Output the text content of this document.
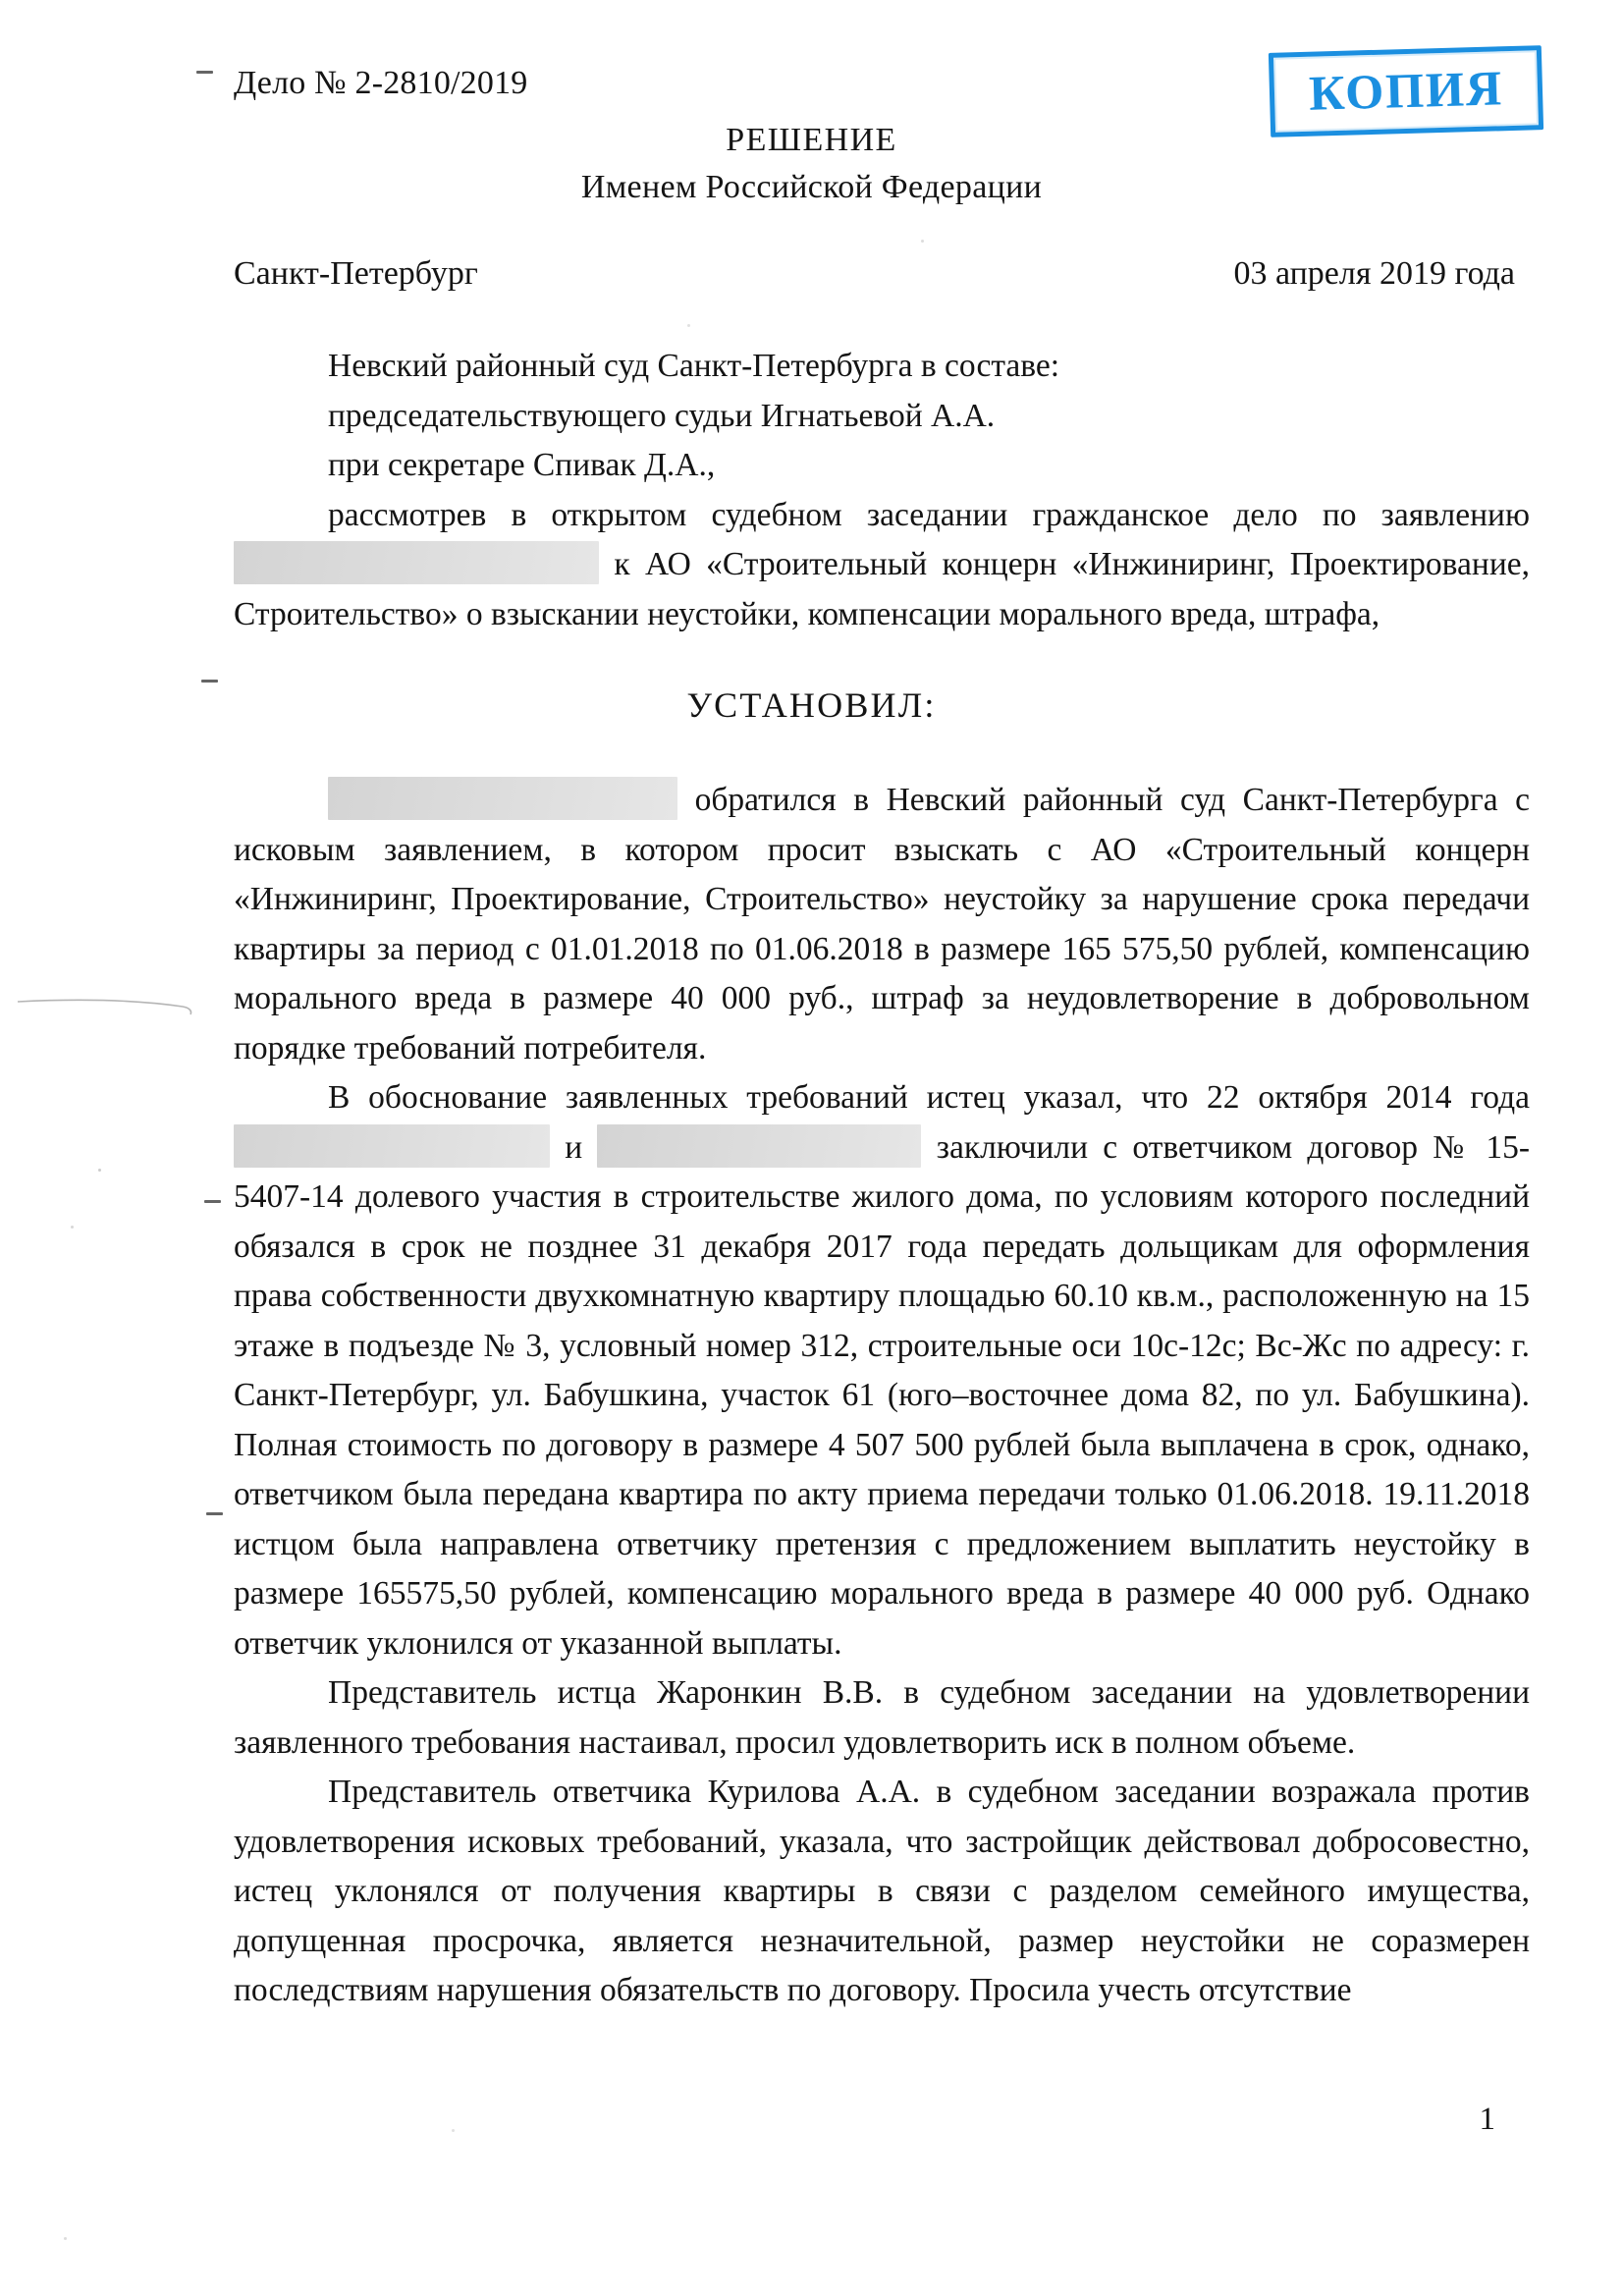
КОПИЯ
Дело № 2-2810/2019
РЕШЕНИЕ
Именем Российской Федерации
Санкт-Петербург	03 апреля 2019 года

Невский районный суд Санкт-Петербурга в составе:

председательствующего судьи Игнатьевой А.А.

при секретаре Спивак Д.А.,

рассмотрев в открытом судебном заседании гражданское дело по заявлению  к АО «Строительный концерн «Инжиниринг, Проектирование, Строительство» о взыскании неустойки, компенсации морального вреда, штрафа,

УСТАНОВИЛ:

обратился в Невский районный суд Санкт-Петербурга с исковым заявлением, в котором просит взыскать с АО «Строительный концерн «Инжиниринг, Проектирование, Строительство» неустойку за нарушение срока передачи квартиры за период с 01.01.2018 по 01.06.2018 в размере 165 575,50 рублей, компенсацию морального вреда в размере 40 000 руб., штраф за неудовлетворение в добровольном порядке требований потребителя.

В обоснование заявленных требований истец указал, что 22 октября 2014 года  и	заключили с ответчиком договор № 15-5407-14 долевого участия в строительстве жилого дома, по условиям которого последний обязался в срок не позднее 31 декабря 2017 года передать дольщикам для оформления права собственности двухкомнатную квартиру площадью 60.10 кв.м., расположенную на 15 этаже в подъезде № 3, условный номер 312, строительные оси 10с-12с; Вс-Жс по адресу: г. Санкт-Петербург, ул. Бабушкина, участок 61 (юго–восточнее дома 82, по ул. Бабушкина). Полная стоимость по договору в размере 4 507 500 рублей была выплачена в срок, однако, ответчиком была передана квартира по акту приема передачи только 01.06.2018. 19.11.2018 истцом была направлена ответчику претензия с предложением выплатить неустойку в размере 165575,50 рублей, компенсацию морального вреда в размере 40 000 руб. Однако ответчик уклонился от указанной выплаты.

Представитель истца Жаронкин В.В. в судебном заседании на удовлетворении заявленного требования настаивал, просил удовлетворить иск в полном объеме.

Представитель ответчика Курилова А.А. в судебном заседании возражала против удовлетворения исковых требований, указала, что застройщик действовал добросовестно, истец уклонялся от получения квартиры в связи с разделом семейного имущества, допущенная просрочка, является незначительной, размер неустойки не соразмерен последствиям нарушения обязательств по договору. Просила учесть отсутствие

1
